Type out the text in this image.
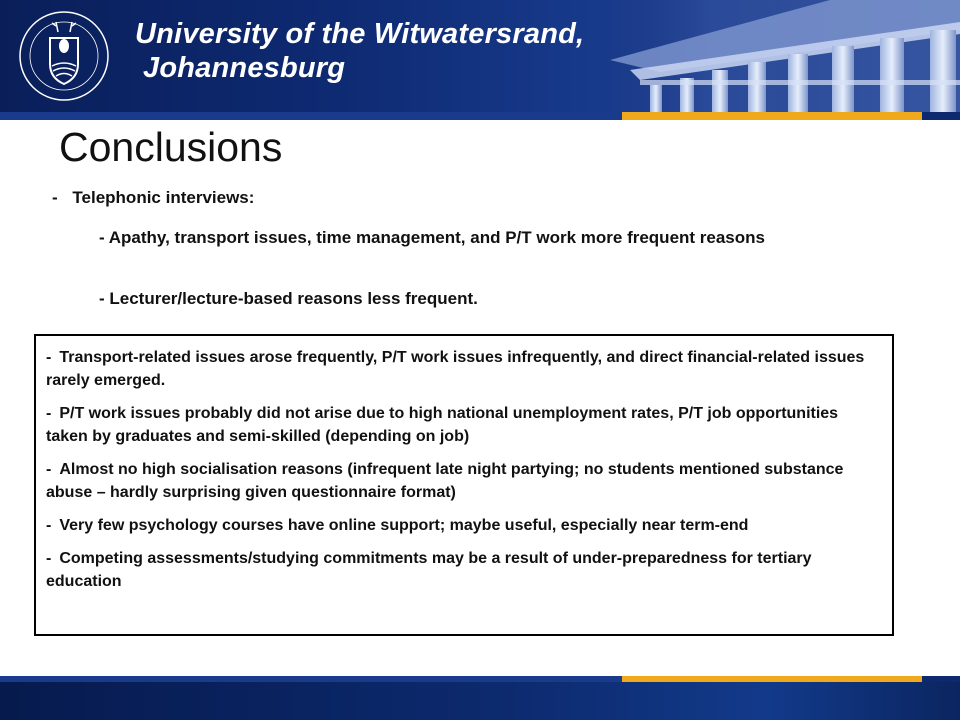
University of the Witwatersrand,
Johannesburg
Conclusions
- Telephonic interviews:
- Apathy, transport issues, time management, and P/T work more frequent reasons
- Lecturer/lecture-based reasons less frequent.

- Transport-related issues arose frequently, P/T work issues infrequently, and direct financial-related issues rarely emerged.

- P/T work issues probably did not arise due to high national unemployment rates, P/T job opportunities taken by graduates and semi-skilled (depending on job)

- Almost no high socialisation reasons (infrequent late night partying; no students mentioned substance abuse – hardly surprising given questionnaire format)

- Very few psychology courses have online support; maybe useful, especially near term-end

- Competing assessments/studying commitments may be a result of under-preparedness for tertiary education
